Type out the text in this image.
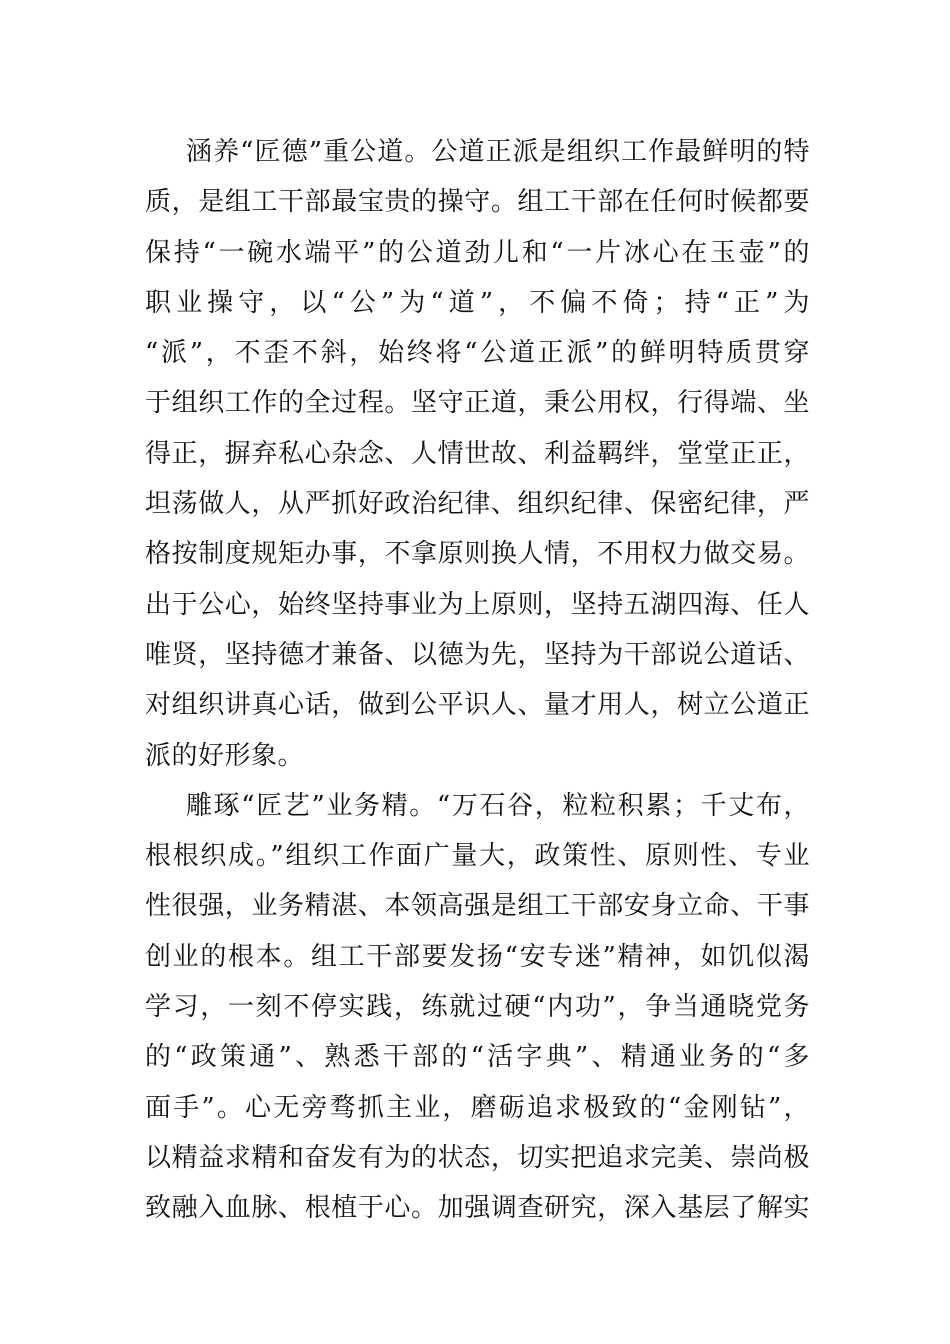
涵养“匠德”重公道。公道正派是组织工作最鲜明的特
质，是组工干部最宝贵的操守。组工干部在任何时候都要
保持“一碗水端平”的公道劲儿和“一片冰心在玉壶”的
职业操守，以“公”为“道”，不偏不倚；持“正”为
“派”，不歪不斜，始终将“公道正派”的鲜明特质贯穿
于组织工作的全过程。坚守正道，秉公用权，行得端、坐
得正，摒弃私心杂念、人情世故、利益羁绊，堂堂正正，
坦荡做人，从严抓好政治纪律、组织纪律、保密纪律，严
格按制度规矩办事，不拿原则换人情，不用权力做交易。
出于公心，始终坚持事业为上原则，坚持五湖四海、任人
唯贤，坚持德才兼备、以德为先，坚持为干部说公道话、
对组织讲真心话，做到公平识人、量才用人，树立公道正
派的好形象。
雕琢“匠艺”业务精。“万石谷，粒粒积累；千丈布，
根根织成。”组织工作面广量大，政策性、原则性、专业
性很强，业务精湛、本领高强是组工干部安身立命、干事
创业的根本。组工干部要发扬“安专迷”精神，如饥似渴
学习，一刻不停实践，练就过硬“内功”，争当通晓党务
的“政策通”、熟悉干部的“活字典”、精通业务的“多
面手”。心无旁骛抓主业，磨砺追求极致的“金刚钻”，
以精益求精和奋发有为的状态，切实把追求完美、崇尚极
致融入血脉、根植于心。加强调查研究，深入基层了解实
